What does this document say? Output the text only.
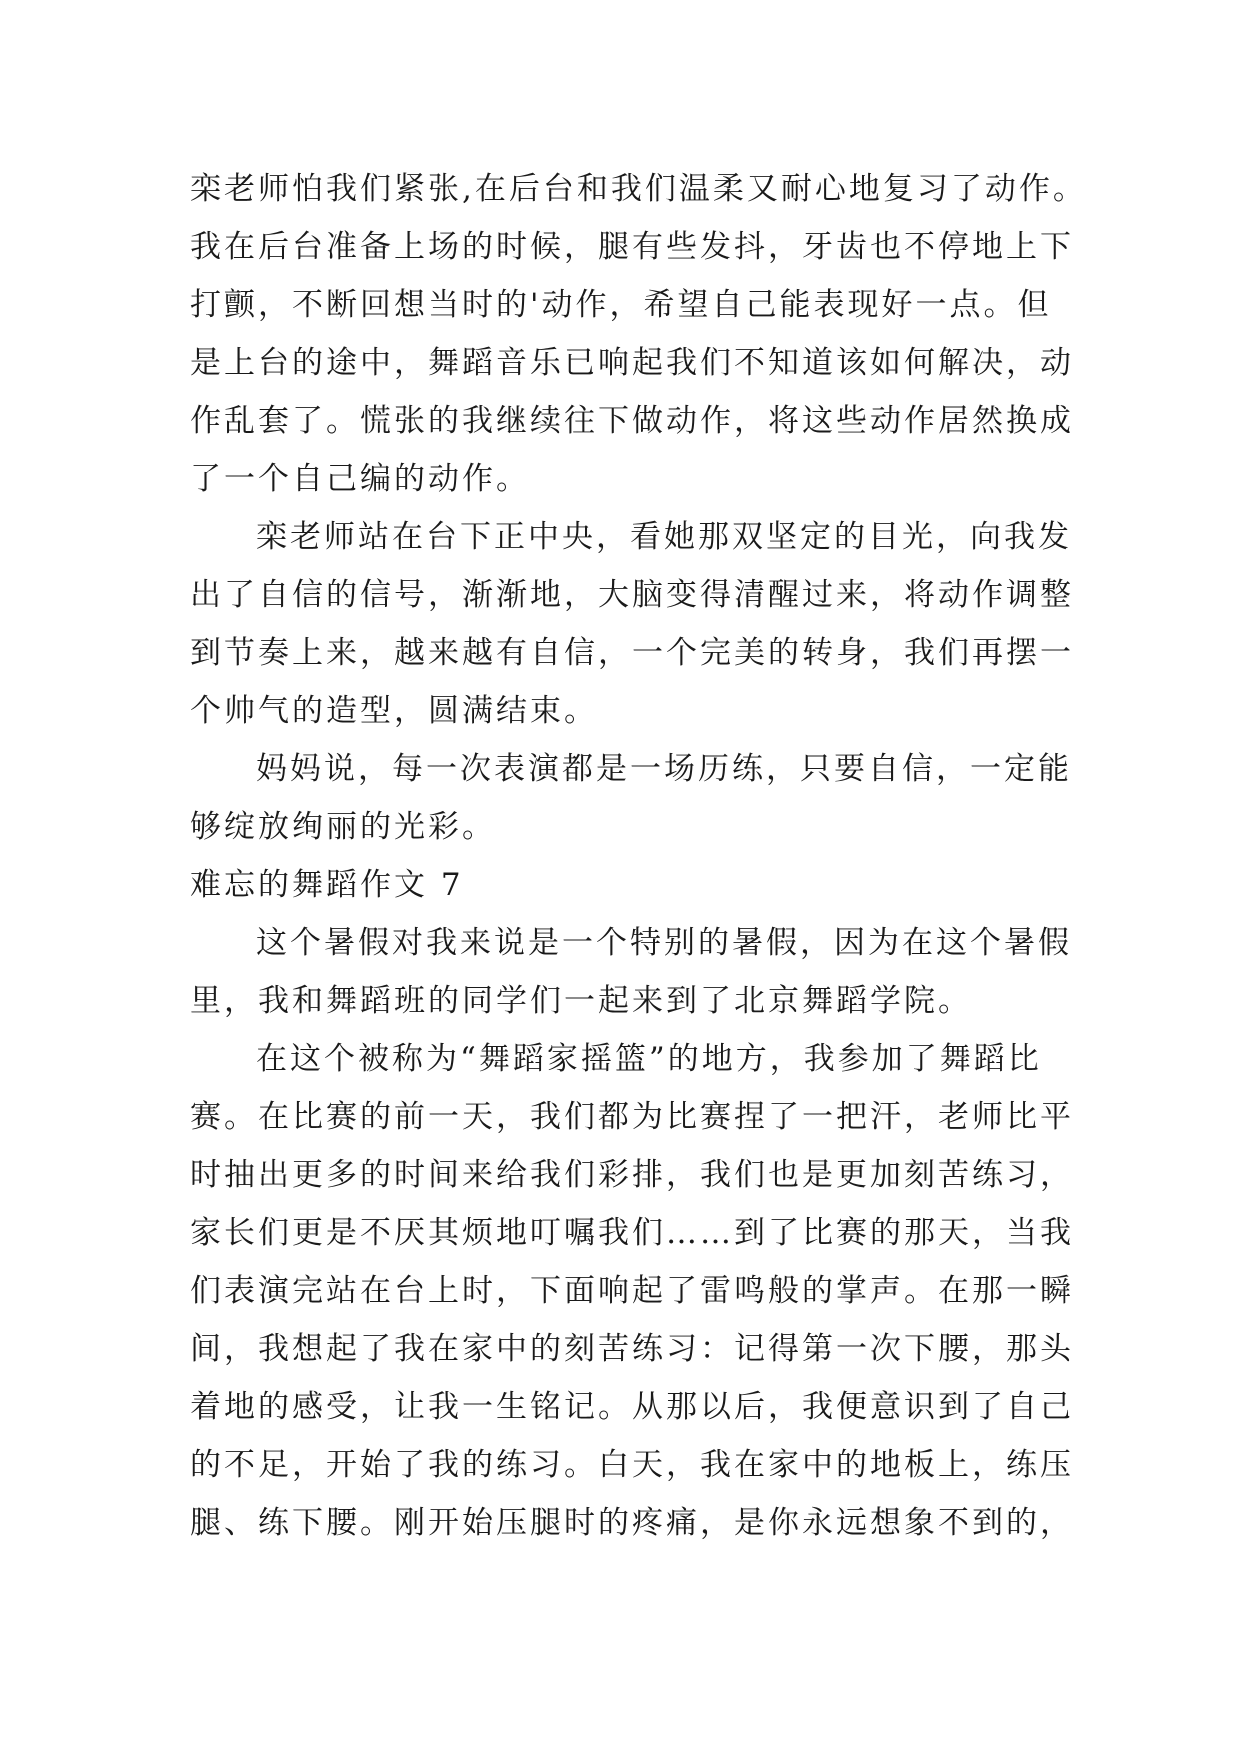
栾老师怕我们紧张,在后台和我们温柔又耐心地复习了动作。
我在后台准备上场的时候，腿有些发抖，牙齿也不停地上下
打颤，不断回想当时的'动作，希望自己能表现好一点。但
是上台的途中，舞蹈音乐已响起我们不知道该如何解决，动
作乱套了。慌张的我继续往下做动作，将这些动作居然换成
了一个自己编的动作。
栾老师站在台下正中央，看她那双坚定的目光，向我发
出了自信的信号，渐渐地，大脑变得清醒过来，将动作调整
到节奏上来，越来越有自信，一个完美的转身，我们再摆一
个帅气的造型，圆满结束。
妈妈说，每一次表演都是一场历练，只要自信，一定能
够绽放绚丽的光彩。
难忘的舞蹈作文 7
这个暑假对我来说是一个特别的暑假，因为在这个暑假
里，我和舞蹈班的同学们一起来到了北京舞蹈学院。
在这个被称为“舞蹈家摇篮”的地方，我参加了舞蹈比
赛。在比赛的前一天，我们都为比赛捏了一把汗，老师比平
时抽出更多的时间来给我们彩排，我们也是更加刻苦练习，
家长们更是不厌其烦地叮嘱我们……到了比赛的那天，当我
们表演完站在台上时，下面响起了雷鸣般的掌声。在那一瞬
间，我想起了我在家中的刻苦练习：记得第一次下腰，那头
着地的感受，让我一生铭记。从那以后，我便意识到了自己
的不足，开始了我的练习。白天，我在家中的地板上，练压
腿、练下腰。刚开始压腿时的疼痛，是你永远想象不到的，
